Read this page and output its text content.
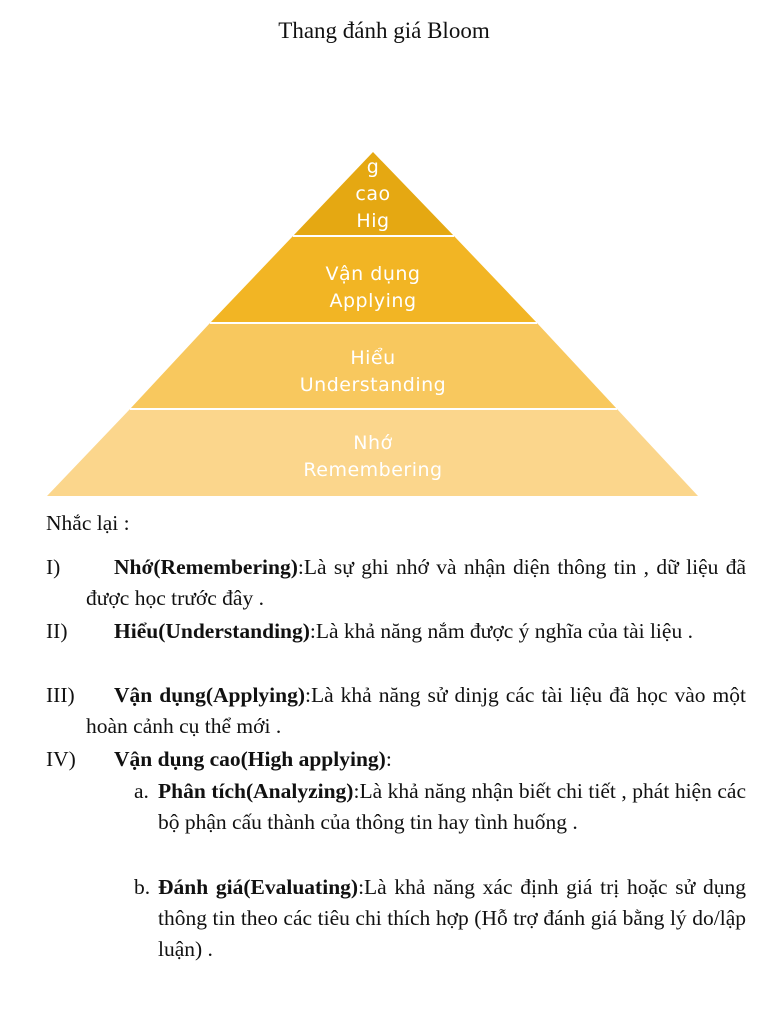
Thang đánh giá Bloom
g
cao
Hig
Vận dụng
Applying
Hiểu
Understanding
Nhớ
Remembering
Nhắc lại :
I)	Nhớ(Remembering):Là sự ghi nhớ và nhận diện thông tin , dữ liệu đã được học trước đây .
II)	Hiểu(Understanding):Là khả năng nắm được ý nghĩa của tài liệu .
III)	Vận dụng(Applying):Là khả năng sử dinjg các tài liệu đã học vào một hoàn cảnh cụ thể mới .
IV)	Vận dụng cao(High applying):
a. Phân tích(Analyzing):Là khả năng nhận biết chi tiết , phát hiện các bộ phận cấu thành của thông tin hay tình huống .
b. Đánh giá(Evaluating):Là khả năng xác định giá trị hoặc sử dụng thông tin theo các tiêu chi thích hợp (Hỗ trợ đánh giá bằng lý do/lập luận) .
